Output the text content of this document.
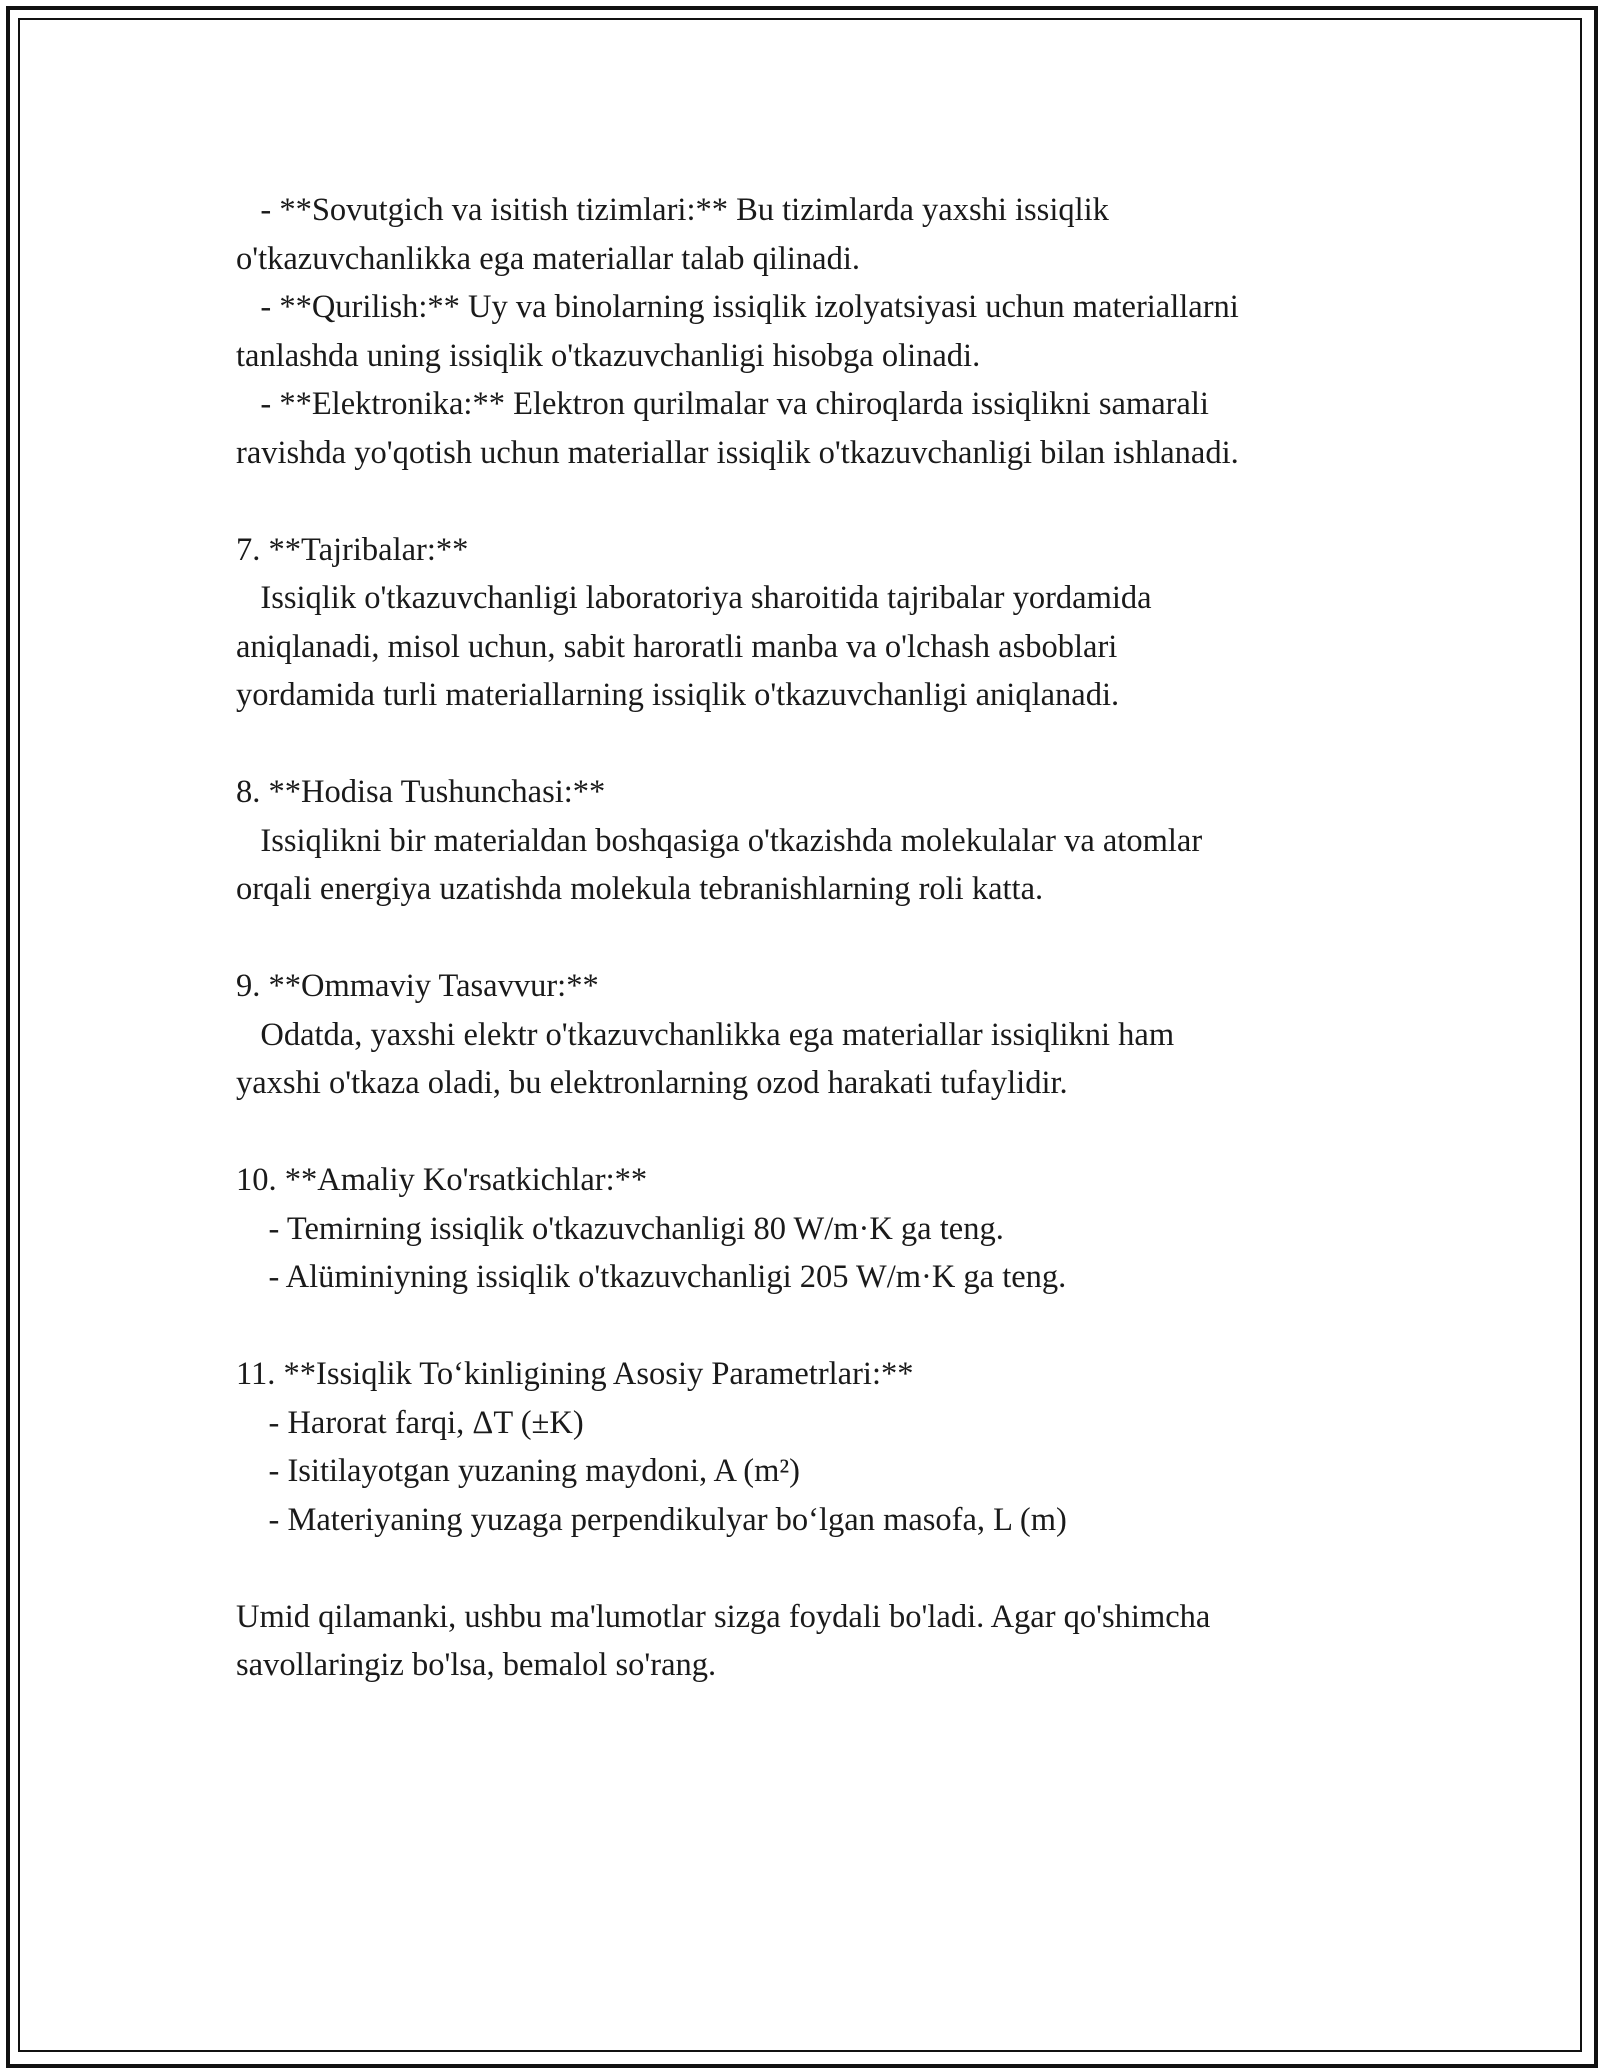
- **Sovutgich va isitish tizimlari:** Bu tizimlarda yaxshi issiqlik
o'tkazuvchanlikka ega materiallar talab qilinadi.
- **Qurilish:** Uy va binolarning issiqlik izolyatsiyasi uchun materiallarni
tanlashda uning issiqlik o'tkazuvchanligi hisobga olinadi.
- **Elektronika:** Elektron qurilmalar va chiroqlarda issiqlikni samarali
ravishda yo'qotish uchun materiallar issiqlik o'tkazuvchanligi bilan ishlanadi.
7. **Tajribalar:**
Issiqlik o'tkazuvchanligi laboratoriya sharoitida tajribalar yordamida
aniqlanadi, misol uchun, sabit haroratli manba va o'lchash asboblari
yordamida turli materiallarning issiqlik o'tkazuvchanligi aniqlanadi.
8. **Hodisa Tushunchasi:**
Issiqlikni bir materialdan boshqasiga o'tkazishda molekulalar va atomlar
orqali energiya uzatishda molekula tebranishlarning roli katta.
9. **Ommaviy Tasavvur:**
Odatda, yaxshi elektr o'tkazuvchanlikka ega materiallar issiqlikni ham
yaxshi o'tkaza oladi, bu elektronlarning ozod harakati tufaylidir.
10. **Amaliy Ko'rsatkichlar:**
- Temirning issiqlik o'tkazuvchanligi 80 W/m·K ga teng.
- Alüminiyning issiqlik o'tkazuvchanligi 205 W/m·K ga teng.
11. **Issiqlik To‘kinligining Asosiy Parametrlari:**
- Harorat farqi, ΔT (±K)
- Isitilayotgan yuzaning maydoni, A (m²)
- Materiyaning yuzaga perpendikulyar bo‘lgan masofa, L (m)
Umid qilamanki, ushbu ma'lumotlar sizga foydali bo'ladi. Agar qo'shimcha
savollaringiz bo'lsa, bemalol so'rang.
